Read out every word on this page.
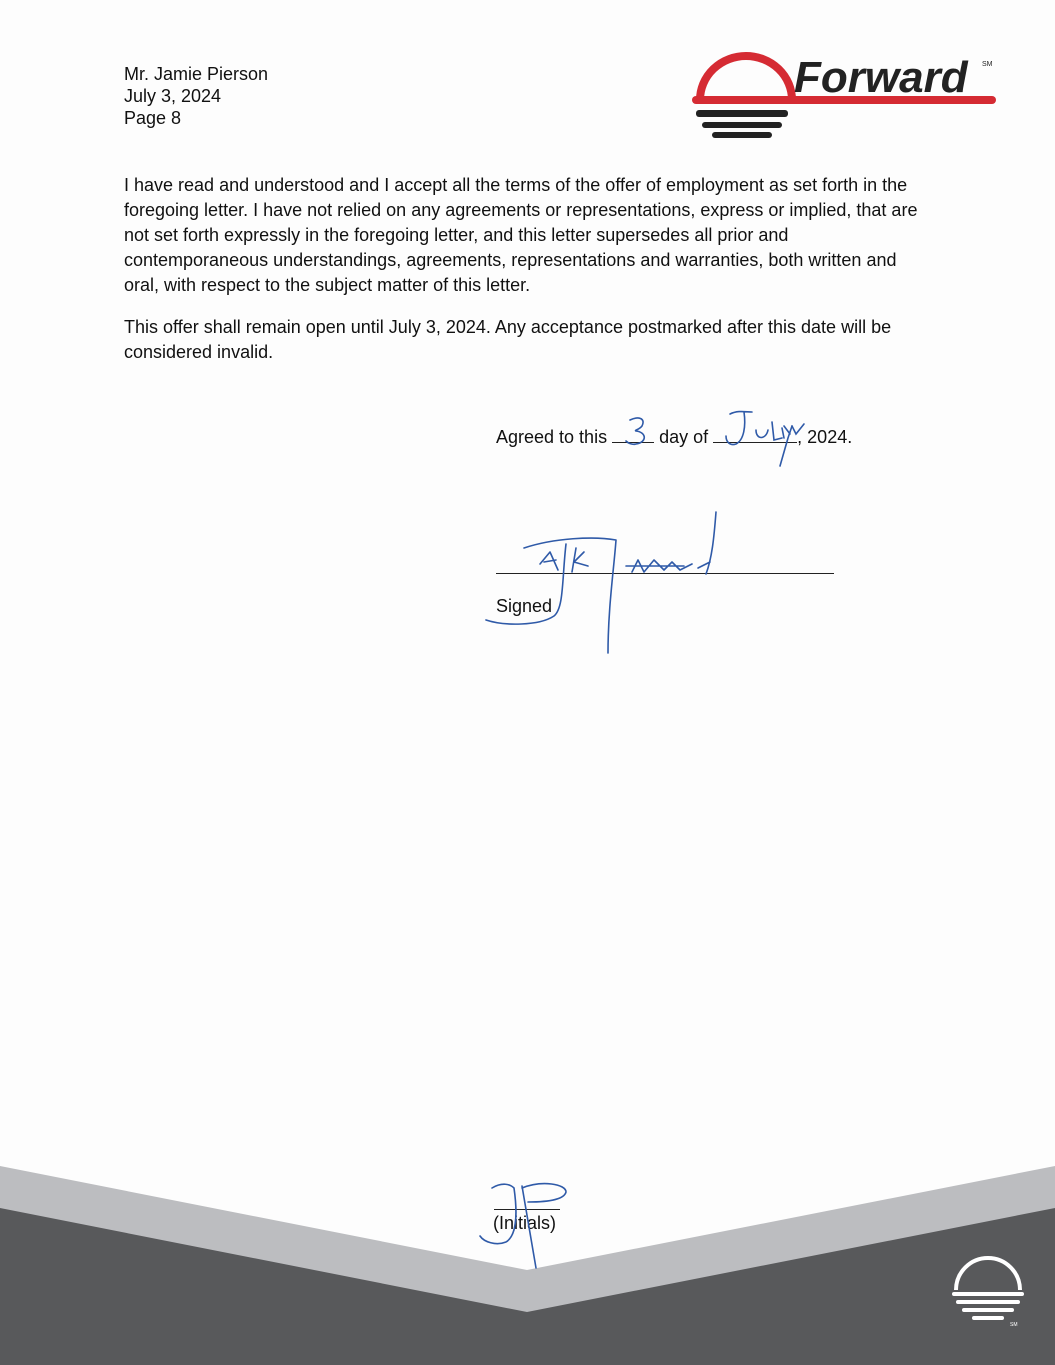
Mr. Jamie Pierson
July 3, 2024
Page 8
Forward SM

I have read and understood and I accept all the terms of the offer of employment as set forth in the foregoing letter. I have not relied on any agreements or representations, express or implied, that are not set forth expressly in the foregoing letter, and this letter supersedes all prior and contemporaneous understandings, agreements, representations and warranties, both written and oral, with respect to the subject matter of this letter.

This offer shall remain open until July 3, 2024. Any acceptance postmarked after this date will be considered invalid.

Agreed to this	day of	, 2024.
Signed
(Initials)
SM
